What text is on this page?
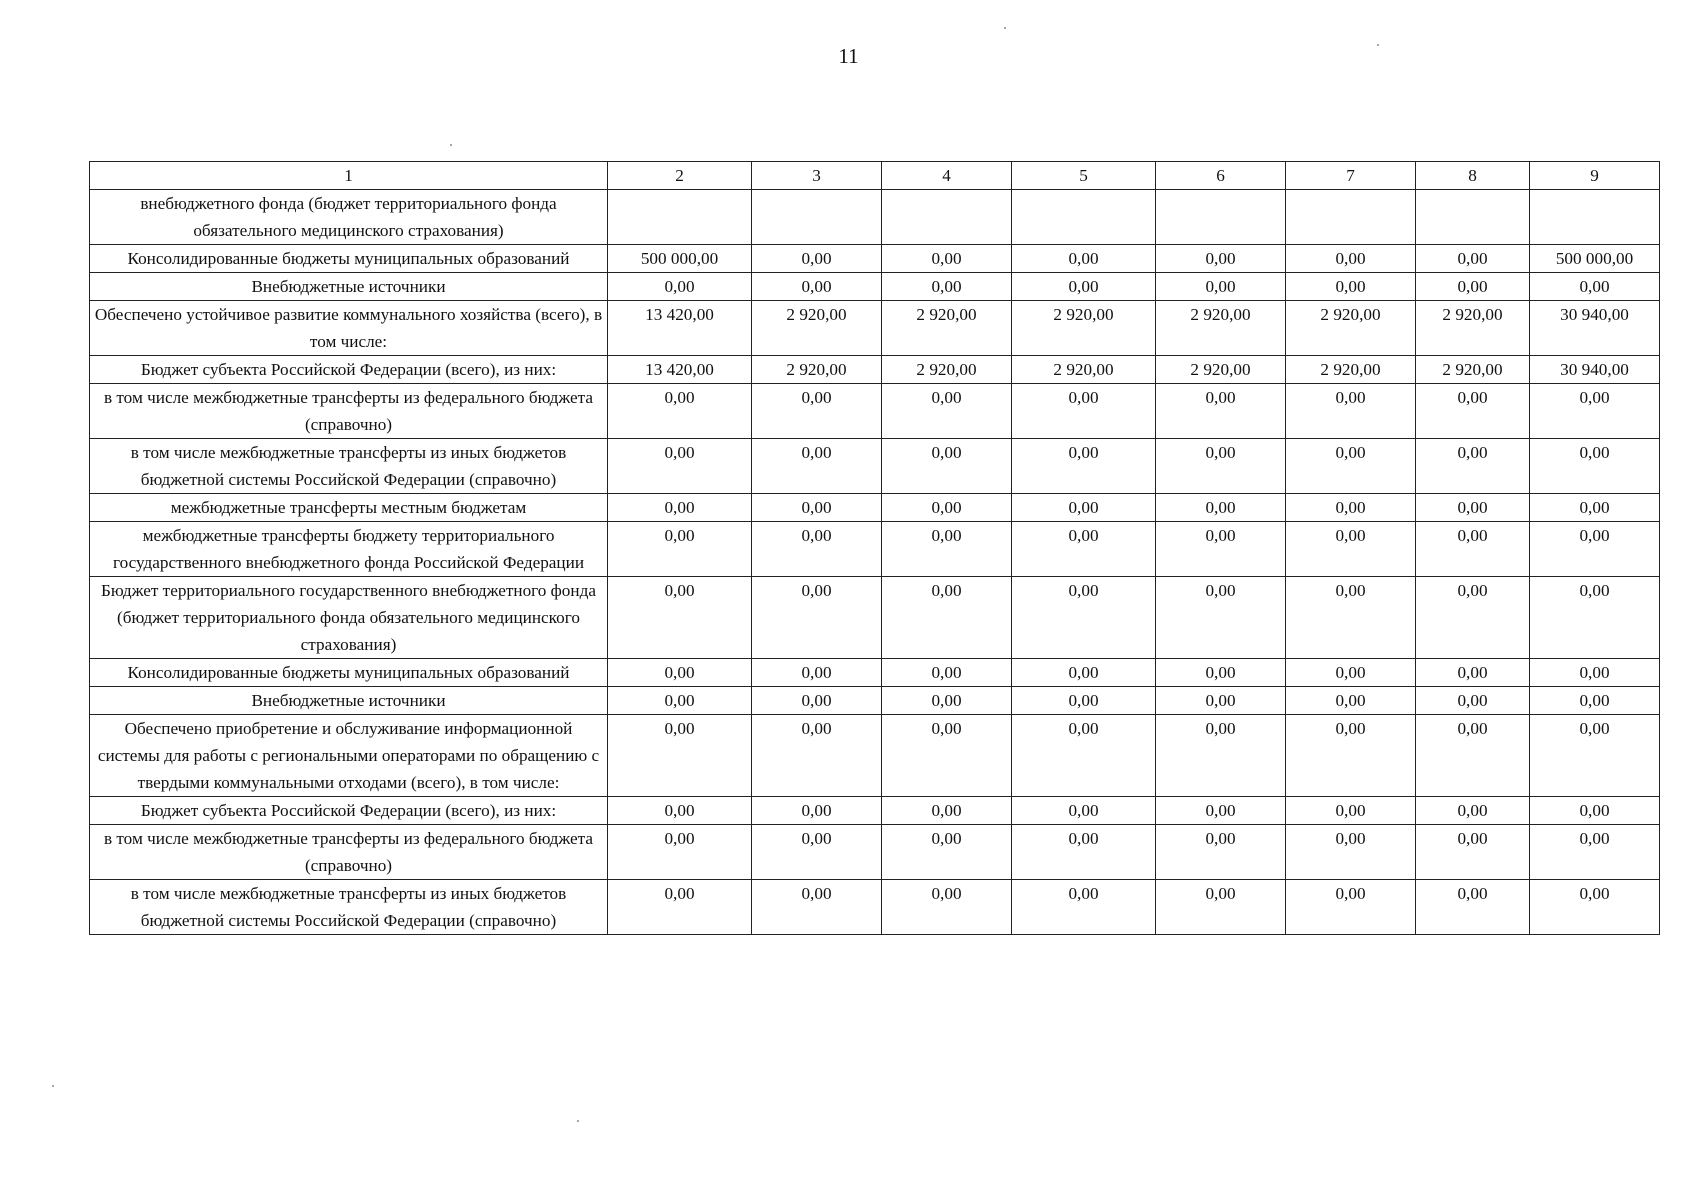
11
1	2	3	4	5	6	7	8	9
внебюджетного фонда (бюджет территориального фонда обязательного медицинского страхования)								
Консолидированные бюджеты муниципальных образований	500 000,00	0,00	0,00	0,00	0,00	0,00	0,00	500 000,00
Внебюджетные источники	0,00	0,00	0,00	0,00	0,00	0,00	0,00	0,00
Обеспечено устойчивое развитие коммунального хозяйства (всего), в том числе:	13 420,00	2 920,00	2 920,00	2 920,00	2 920,00	2 920,00	2 920,00	30 940,00
Бюджет субъекта Российской Федерации (всего), из них:	13 420,00	2 920,00	2 920,00	2 920,00	2 920,00	2 920,00	2 920,00	30 940,00
в том числе межбюджетные трансферты из федерального бюджета (справочно)	0,00	0,00	0,00	0,00	0,00	0,00	0,00	0,00
в том числе межбюджетные трансферты из иных бюджетов бюджетной системы Российской Федерации (справочно)	0,00	0,00	0,00	0,00	0,00	0,00	0,00	0,00
межбюджетные трансферты местным бюджетам	0,00	0,00	0,00	0,00	0,00	0,00	0,00	0,00
межбюджетные трансферты бюджету территориального государственного внебюджетного фонда Российской Федерации	0,00	0,00	0,00	0,00	0,00	0,00	0,00	0,00
Бюджет территориального государственного внебюджетного фонда (бюджет территориального фонда обязательного медицинского страхования)	0,00	0,00	0,00	0,00	0,00	0,00	0,00	0,00
Консолидированные бюджеты муниципальных образований	0,00	0,00	0,00	0,00	0,00	0,00	0,00	0,00
Внебюджетные источники	0,00	0,00	0,00	0,00	0,00	0,00	0,00	0,00
Обеспечено приобретение и обслуживание информационной системы для работы с региональными операторами по обращению с твердыми коммунальными отходами (всего), в том числе:	0,00	0,00	0,00	0,00	0,00	0,00	0,00	0,00
Бюджет субъекта Российской Федерации (всего), из них:	0,00	0,00	0,00	0,00	0,00	0,00	0,00	0,00
в том числе межбюджетные трансферты из федерального бюджета (справочно)	0,00	0,00	0,00	0,00	0,00	0,00	0,00	0,00
в том числе межбюджетные трансферты из иных бюджетов бюджетной системы Российской Федерации (справочно)	0,00	0,00	0,00	0,00	0,00	0,00	0,00	0,00
